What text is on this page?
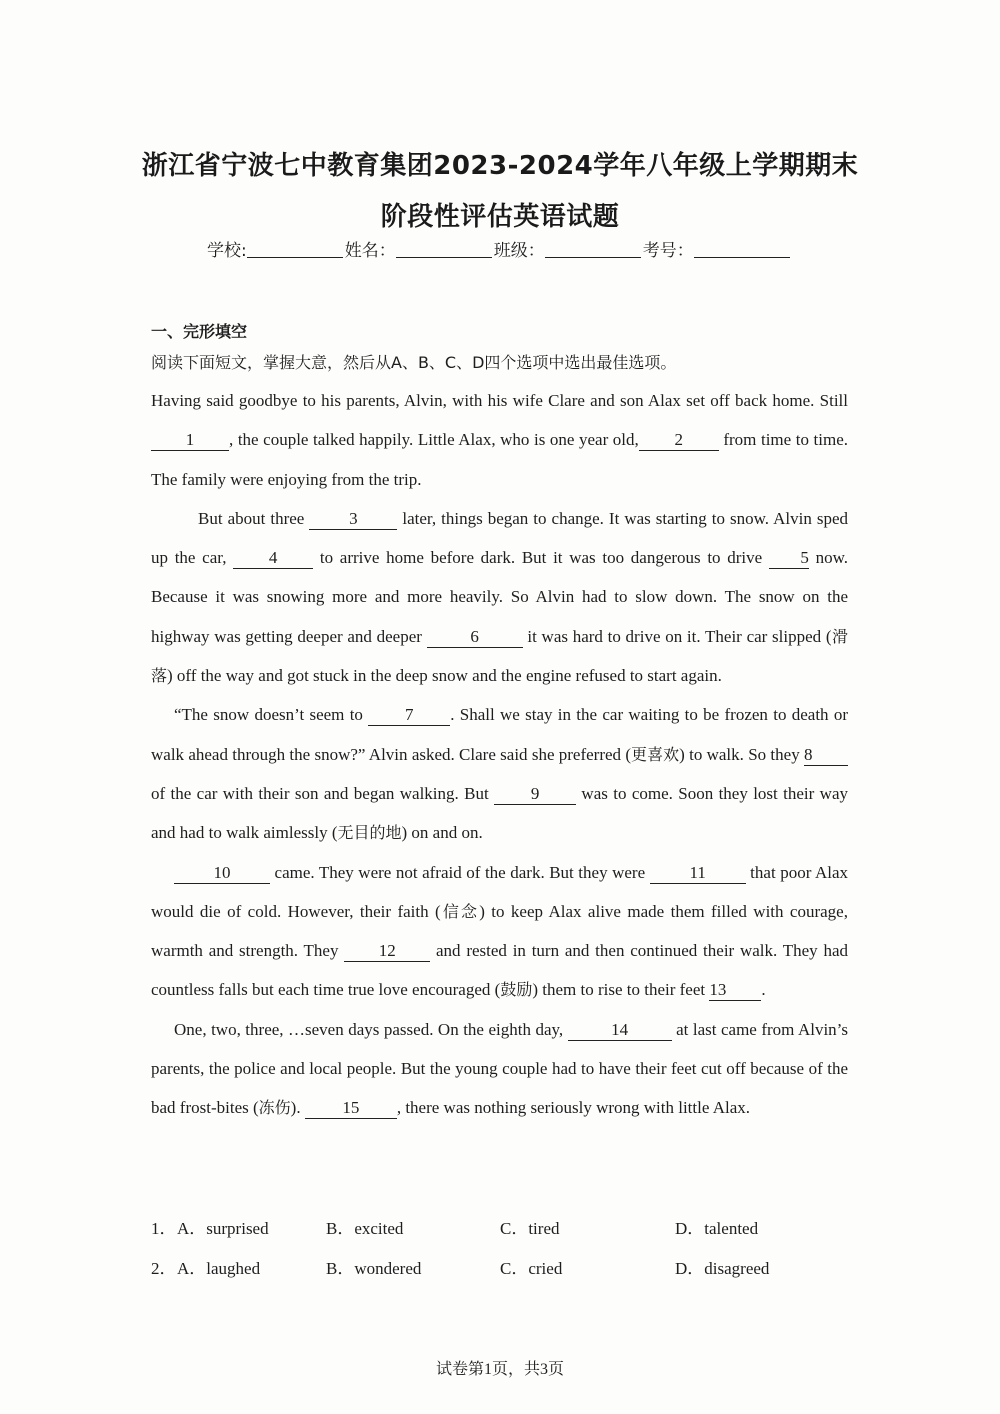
浙江省宁波七中教育集团2023-2024学年八年级上学期期末
阶段性评估英语试题
学校:	姓名：	班级：	考号：
一、完形填空
阅读下面短文，掌握大意，然后从A、B、C、D四个选项中选出最佳选项。

Having said goodbye to his parents, Alvin, with his wife Clare and son Alax set off back home. Still 1 , the couple talked happily. Little Alax, who is one year old, 2 from time to time. The family were enjoying from the trip.

But about three 3 later, things began to change. It was starting to snow. Alvin sped up the car, 4 to arrive home before dark. But it was too dangerous to drive 5 now. Because it was snowing more and more heavily. So Alvin had to slow down. The snow on the highway was getting deeper and deeper	6	it was hard to drive on it. Their car slipped (滑落) off the way and got stuck in the deep snow and the engine refused to start again.

“The snow doesn’t seem to 7 . Shall we stay in the car waiting to be frozen to death or walk ahead through the snow?” Alvin asked. Clare said she preferred (更喜欢) to walk. So they 8 of the car with their son and began walking. But 9 was to come. Soon they lost their way and had to walk aimlessly (无目的地) on and on.

10 came. They were not afraid of the dark. But they were 11 that poor Alax would die of cold. However, their faith (信念) to keep Alax alive made them filled with courage, warmth and strength. They 12 and rested in turn and then continued their walk. They had countless falls but each time true love encouraged (鼓励) them to rise to their feet 13 .

One, two, three, …seven days passed. On the eighth day,	14	at last came from Alvin’s parents, the police and local people. But the young couple had to have their feet cut off because of the bad frost-bites (冻伤). 15 , there was nothing seriously wrong with little Alax.

1． A．surprised	B．excited	C．tired	D．talented
2． A．laughed	B．wondered	C．cried	D．disagreed
试卷第1页，共3页
